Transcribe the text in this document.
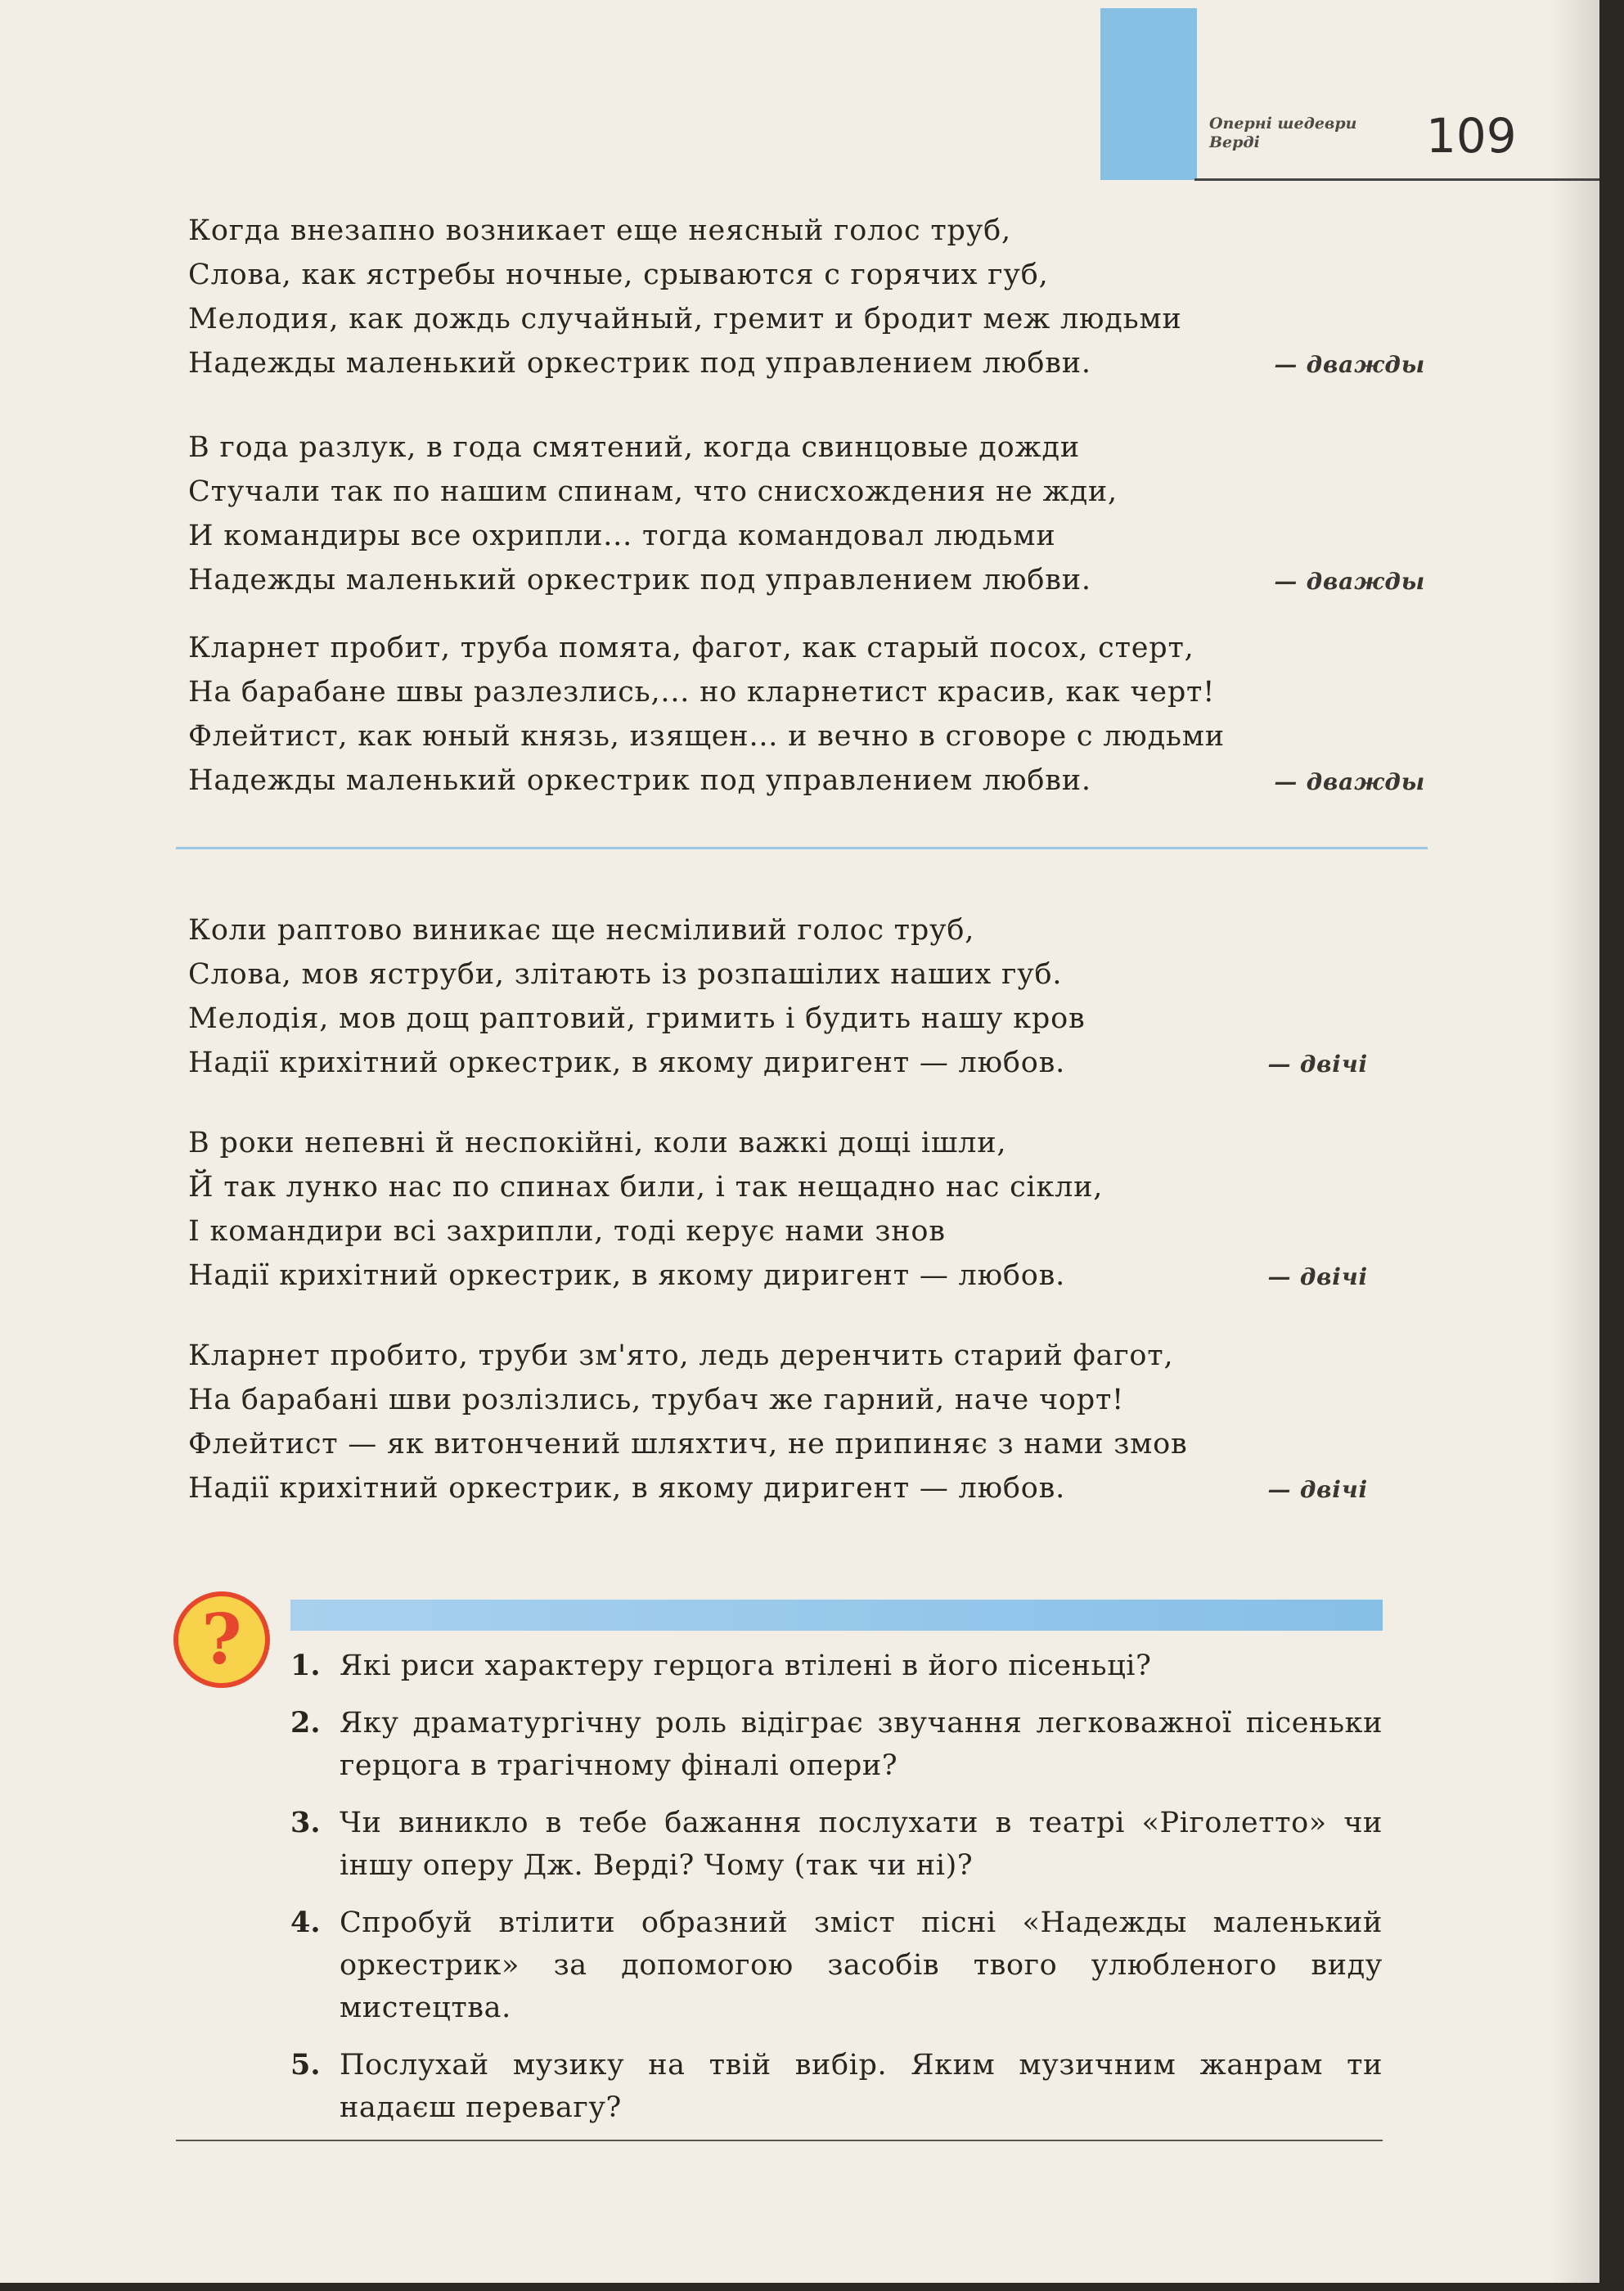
Оперні шедеври Верді	109
Когда внезапно возникает еще неясный голос труб,
Слова, как ястребы ночные, срываются с горячих губ,
Мелодия, как дождь случайный, гремит и бродит меж людьми
Надежды маленький оркестрик под управлением любви.	— дважды
В года разлук, в года смятений, когда свинцовые дожди
Стучали так по нашим спинам, что снисхождения не жди,
И командиры все охрипли... тогда командовал людьми
Надежды маленький оркестрик под управлением любви.	— дважды
Кларнет пробит, труба помята, фагот, как старый посох, стерт,
На барабане швы разлезлись,... но кларнетист красив, как черт!
Флейтист, как юный князь, изящен... и вечно в сговоре с людьми
Надежды маленький оркестрик под управлением любви.	— дважды
Коли раптово виникає ще несміливий голос труб,
Слова, мов яструби, злітають із розпашілих наших губ.
Мелодія, мов дощ раптовий, гримить і будить нашу кров
Надії крихітний оркестрик, в якому диригент — любов.	— двічі
В роки непевні й неспокійні, коли важкі дощі ішли,
Й так лунко нас по спинах били, і так нещадно нас сікли,
І командири всі захрипли, тоді керує нами знов
Надії крихітний оркестрик, в якому диригент — любов.	— двічі
Кларнет пробито, труби зм'ято, ледь деренчить старий фагот,
На барабані шви розлізлись, трубач же гарний, наче чорт!
Флейтист — як витончений шляхтич, не припиняє з нами змов
Надії крихітний оркестрик, в якому диригент — любов.	— двічі
? 1. Які риси характеру герцога втілені в його пісеньці?
2. Яку драматургічну роль відіграє звучання легковажної пісеньки герцога в трагічному фіналі опери?
3. Чи виникло в тебе бажання послухати в театрі «Ріголетто» чи іншу оперу Дж. Верді? Чому (так чи ні)?
4. Спробуй втілити образний зміст пісні «Надежды маленький оркестрик» за допомогою засобів твого улюбленого виду мистецтва.
5. Послухай музику на твій вибір. Яким музичним жанрам ти надаєш перевагу?
